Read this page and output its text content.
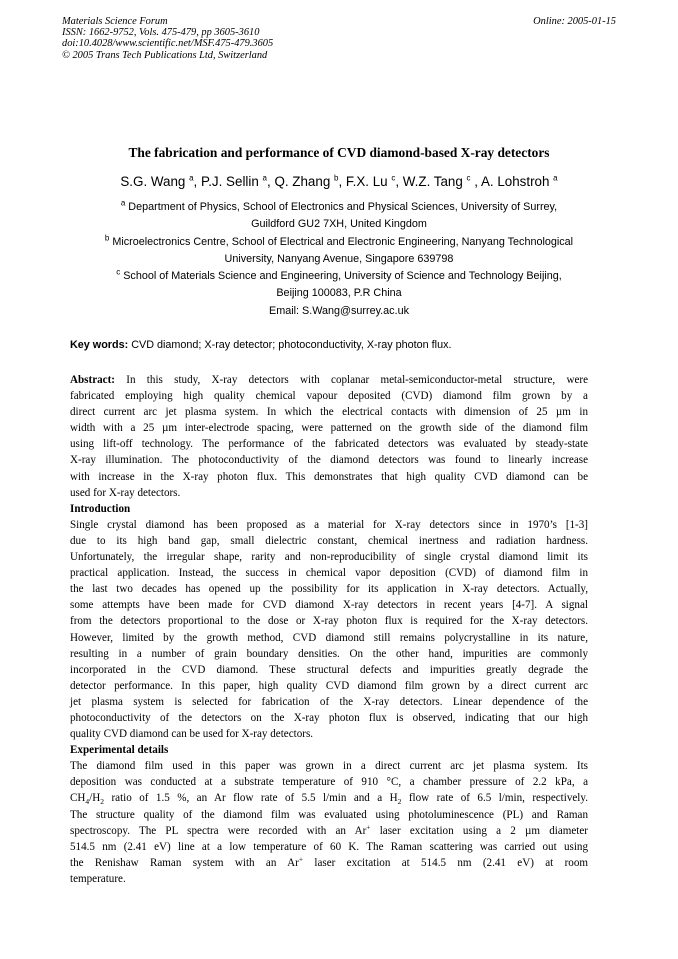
Materials Science Forum
ISSN: 1662-9752, Vols. 475-479, pp 3605-3610
doi:10.4028/www.scientific.net/MSF.475-479.3605
© 2005 Trans Tech Publications Ltd, Switzerland
Online: 2005-01-15
The fabrication and performance of CVD diamond-based X-ray detectors
S.G. Wang $^a$, P.J. Sellin $^a$, Q. Zhang $^b$, F.X. Lu $^c$, W.Z. Tang $^c$ , A. Lohstroh $^a$
$^a$ Department of Physics, School of Electronics and Physical Sciences, University of Surrey,
Guildford GU2 7XH, United Kingdom
$^b$ Microelectronics Centre, School of Electrical and Electronic Engineering, Nanyang Technological
University, Nanyang Avenue, Singapore 639798
$^c$ School of Materials Science and Engineering, University of Science and Technology Beijing,
Beijing 100083, P.R China
Email: S.Wang@surrey.ac.uk
Key words: CVD diamond; X-ray detector; photoconductivity, X-ray photon flux.
Abstract: In this study, X-ray detectors with coplanar metal-semiconductor-metal structure, were
fabricated employing high quality chemical vapour deposited (CVD) diamond film grown by a
direct current arc jet plasma system. In which the electrical contacts with dimension of 25 µm in
width with a 25 µm inter-electrode spacing, were patterned on the growth side of the diamond film
using lift-off technology. The performance of the fabricated detectors was evaluated by steady-state
X-ray illumination. The photoconductivity of the diamond detectors was found to linearly increase
with increase in the X-ray photon flux. This demonstrates that high quality CVD diamond can be
used for X-ray detectors.
Introduction
Single crystal diamond has been proposed as a material for X-ray detectors since in 1970’s [1-3]
due to its high band gap, small dielectric constant, chemical inertness and radiation hardness.
Unfortunately, the irregular shape, rarity and non-reproducibility of single crystal diamond limit its
practical application. Instead, the success in chemical vapor deposition (CVD) of diamond film in
the last two decades has opened up the possibility for its application in X-ray detectors. Actually,
some attempts have been made for CVD diamond X-ray detectors in recent years [4-7]. A signal
from the detectors proportional to the dose or X-ray photon flux is required for the X-ray detectors.
However, limited by the growth method, CVD diamond still remains polycrystalline in its nature,
resulting in a number of grain boundary densities. On the other hand, impurities are commonly
incorporated in the CVD diamond. These structural defects and impurities greatly degrade the
detector performance. In this paper, high quality CVD diamond film grown by a direct current arc
jet plasma system is selected for fabrication of the X-ray detectors. Linear dependence of the
photoconductivity of the detectors on the X-ray photon flux is observed, indicating that our high
quality CVD diamond can be used for X-ray detectors.
Experimental details
The diamond film used in this paper was grown in a direct current arc jet plasma system. Its
deposition was conducted at a substrate temperature of 910 °C, a chamber pressure of 2.2 kPa, a
$CH_4/H_2$ ratio of 1.5 %, an Ar flow rate of 5.5 l/min and a $H_2$ flow rate of 6.5 l/min, respectively.
The structure quality of the diamond film was evaluated using photoluminescence (PL) and Raman
spectroscopy. The PL spectra were recorded with an Ar+ laser excitation using a 2 µm diameter
514.5 nm (2.41 eV) line at a low temperature of 60 K. The Raman scattering was carried out using
the Renishaw Raman system with an Ar+ laser excitation at 514.5 nm (2.41 eV) at room
temperature.
